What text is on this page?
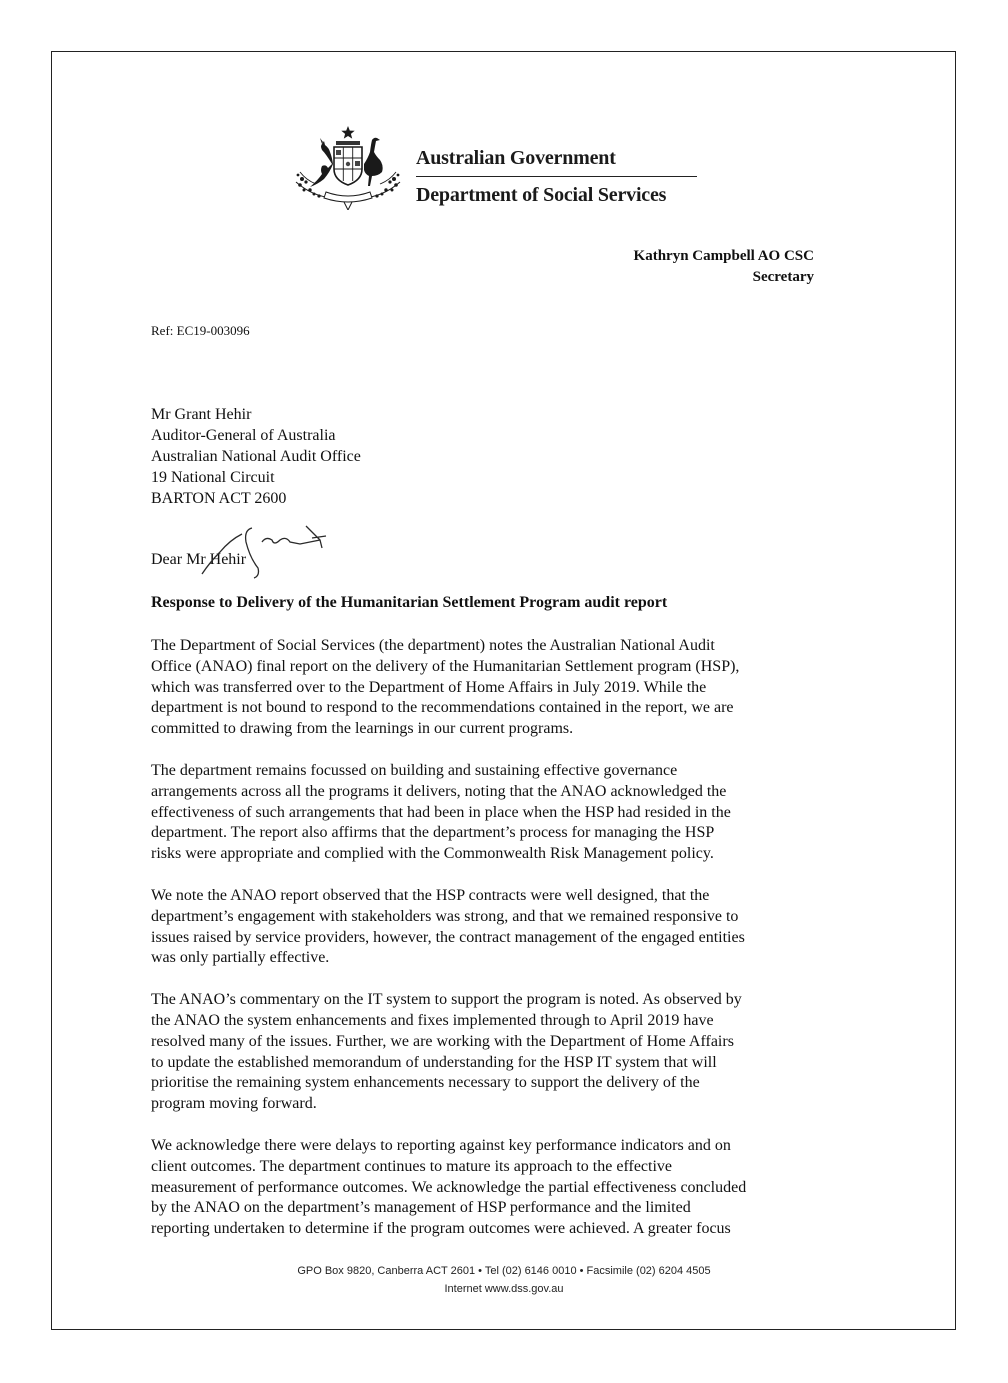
Australian Government
Department of Social Services
Kathryn Campbell AO CSC
Secretary
Ref: EC19-003096
Mr Grant Hehir
Auditor-General of Australia
Australian National Audit Office
19 National Circuit
BARTON ACT 2600
Dear Mr Hehir
Response to Delivery of the Humanitarian Settlement Program audit report

The Department of Social Services (the department) notes the Australian National Audit
Office (ANAO) final report on the delivery of the Humanitarian Settlement program (HSP),
which was transferred over to the Department of Home Affairs in July 2019. While the
department is not bound to respond to the recommendations contained in the report, we are
committed to drawing from the learnings in our current programs.

The department remains focussed on building and sustaining effective governance
arrangements across all the programs it delivers, noting that the ANAO acknowledged the
effectiveness of such arrangements that had been in place when the HSP had resided in the
department. The report also affirms that the department’s process for managing the HSP
risks were appropriate and complied with the Commonwealth Risk Management policy.

We note the ANAO report observed that the HSP contracts were well designed, that the
department’s engagement with stakeholders was strong, and that we remained responsive to
issues raised by service providers, however, the contract management of the engaged entities
was only partially effective.

The ANAO’s commentary on the IT system to support the program is noted. As observed by
the ANAO the system enhancements and fixes implemented through to April 2019 have
resolved many of the issues. Further, we are working with the Department of Home Affairs
to update the established memorandum of understanding for the HSP IT system that will
prioritise the remaining system enhancements necessary to support the delivery of the
program moving forward.

We acknowledge there were delays to reporting against key performance indicators and on
client outcomes. The department continues to mature its approach to the effective
measurement of performance outcomes. We acknowledge the partial effectiveness concluded
by the ANAO on the department’s management of HSP performance and the limited
reporting undertaken to determine if the program outcomes were achieved. A greater focus

GPO Box 9820, Canberra ACT 2601 • Tel (02) 6146 0010 • Facsimile (02) 6204 4505
Internet www.dss.gov.au
